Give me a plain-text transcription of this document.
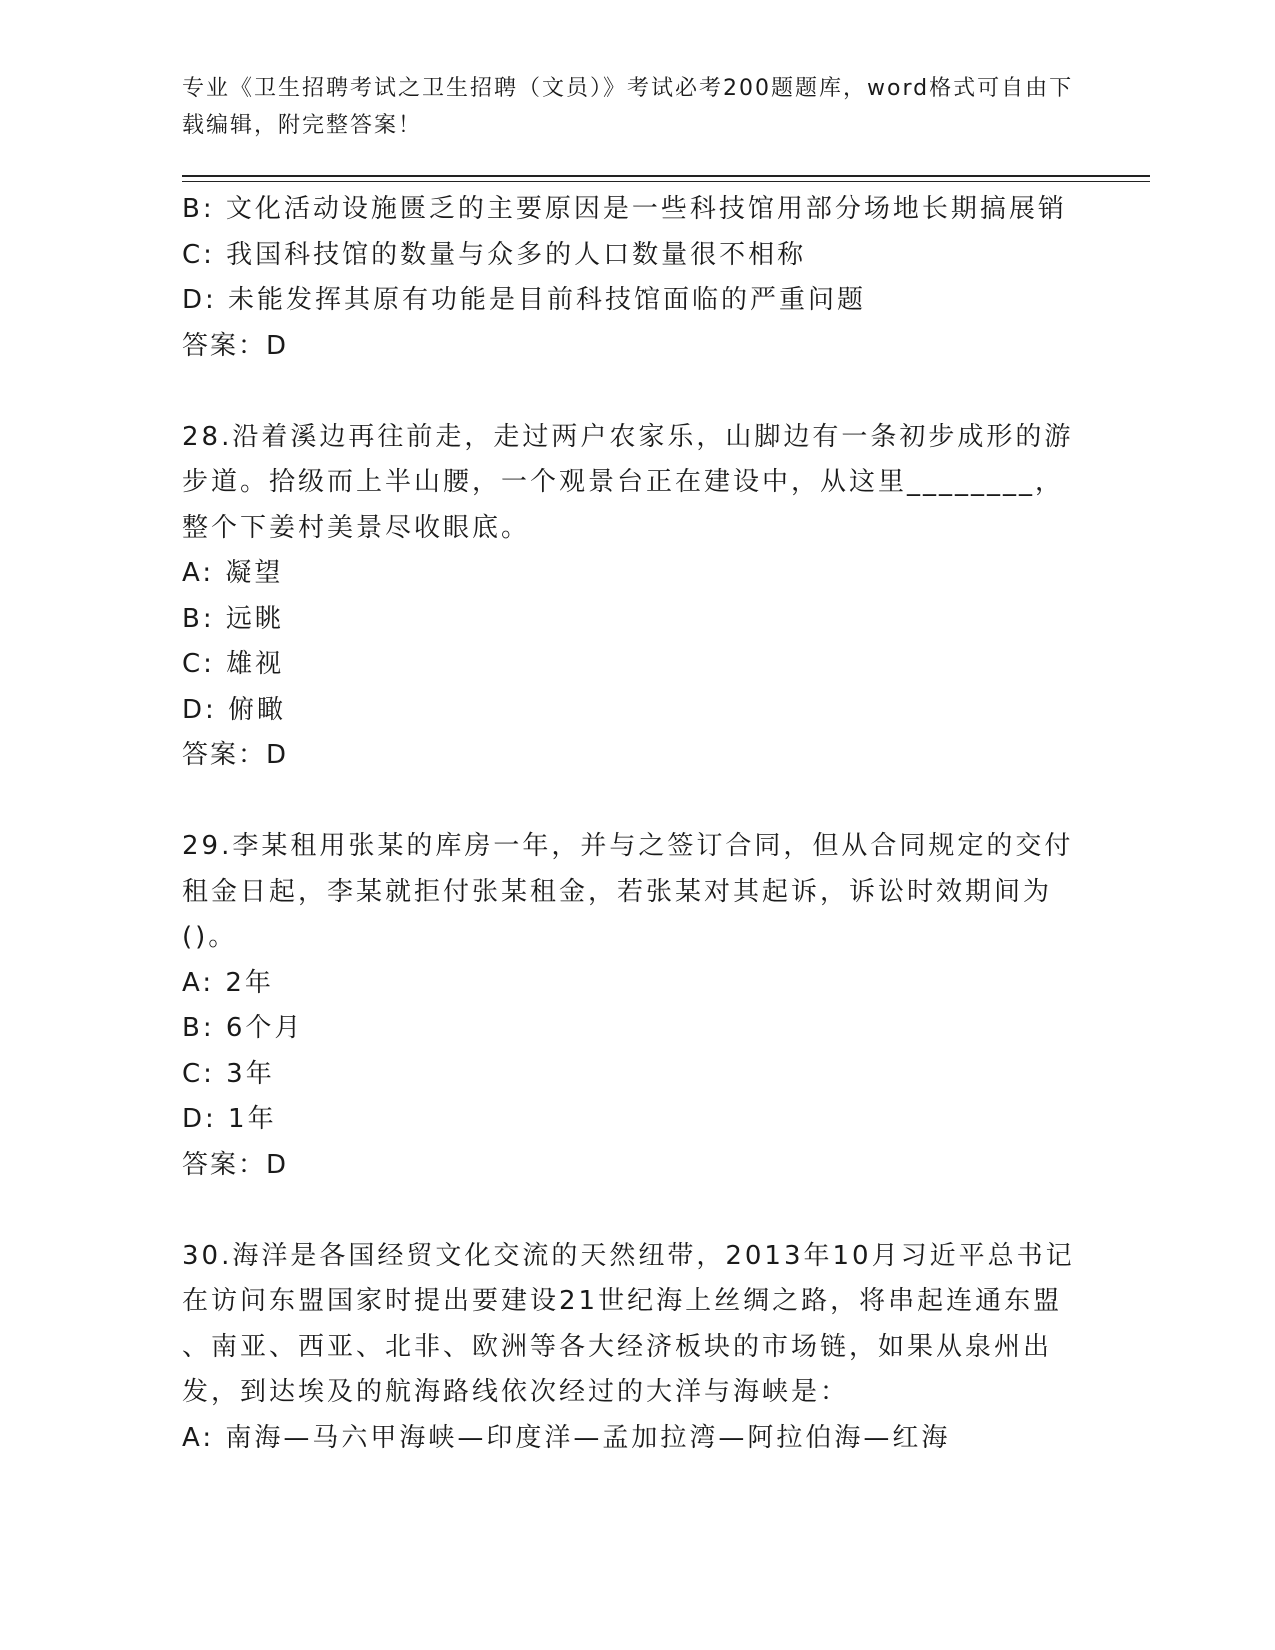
专业《卫生招聘考试之卫生招聘（文员）》考试必考200题题库，word格式可自由下载编辑，附完整答案！
B: 文化活动设施匮乏的主要原因是一些科技馆用部分场地长期搞展销
C: 我国科技馆的数量与众多的人口数量很不相称
D: 未能发挥其原有功能是目前科技馆面临的严重问题
答案：D
28.沿着溪边再往前走，走过两户农家乐，山脚边有一条初步成形的游
步道。拾级而上半山腰，一个观景台正在建设中，从这里________，
整个下姜村美景尽收眼底。
A: 凝望
B: 远眺
C: 雄视
D: 俯瞰
答案：D
29.李某租用张某的库房一年，并与之签订合同，但从合同规定的交付
租金日起，李某就拒付张某租金，若张某对其起诉，诉讼时效期间为
()。
A: 2年
B: 6个月
C: 3年
D: 1年
答案：D
30.海洋是各国经贸文化交流的天然纽带，2013年10月习近平总书记
在访问东盟国家时提出要建设21世纪海上丝绸之路，将串起连通东盟
、南亚、西亚、北非、欧洲等各大经济板块的市场链，如果从泉州出
发，到达埃及的航海路线依次经过的大洋与海峡是：
A: 南海—马六甲海峡—印度洋—孟加拉湾—阿拉伯海—红海
